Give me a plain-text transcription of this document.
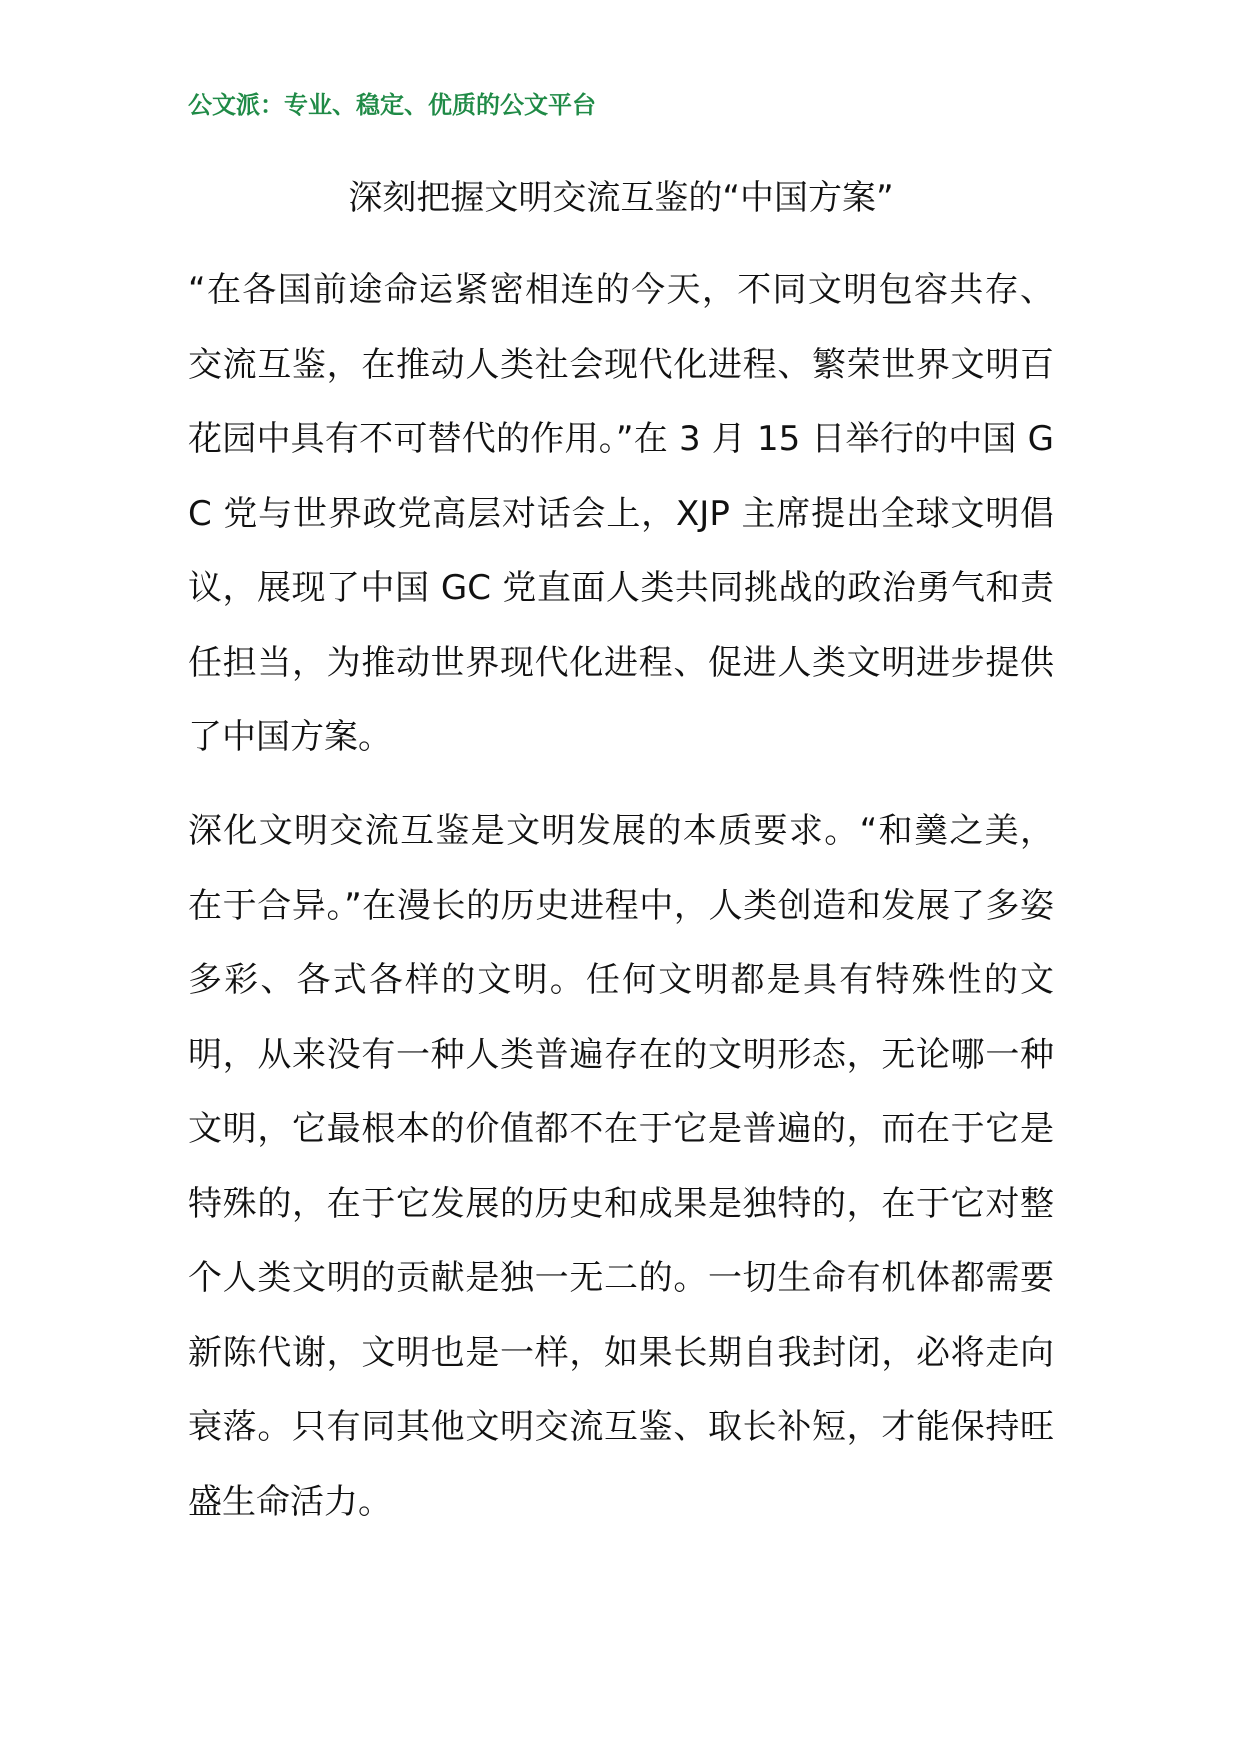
公文派：专业、稳定、优质的公文平台
深刻把握文明交流互鉴的“中国方案”

“在各国前途命运紧密相连的今天，不同文明包容共存、交流互鉴，在推动人类社会现代化进程、繁荣世界文明百花园中具有不可替代的作用。”在 3 月 15 日举行的中国 GC 党与世界政党高层对话会上，XJP 主席提出全球文明倡议，展现了中国 GC 党直面人类共同挑战的政治勇气和责任担当，为推动世界现代化进程、促进人类文明进步提供了中国方案。

深化文明交流互鉴是文明发展的本质要求。“和羹之美，在于合异。”在漫长的历史进程中，人类创造和发展了多姿多彩、各式各样的文明。任何文明都是具有特殊性的文明，从来没有一种人类普遍存在的文明形态，无论哪一种文明，它最根本的价值都不在于它是普遍的，而在于它是特殊的，在于它发展的历史和成果是独特的，在于它对整个人类文明的贡献是独一无二的。一切生命有机体都需要新陈代谢，文明也是一样，如果长期自我封闭，必将走向衰落。只有同其他文明交流互鉴、取长补短，才能保持旺盛生命活力。
